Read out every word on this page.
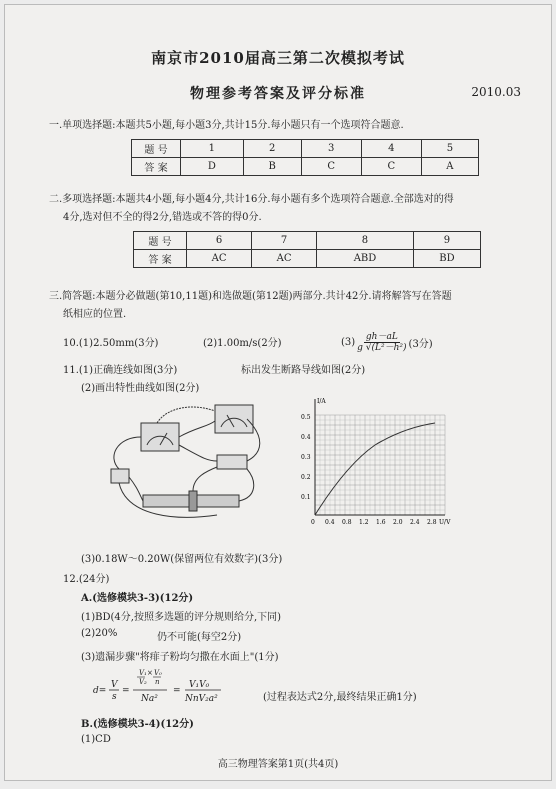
南京市2010届高三第二次模拟考试
物理参考答案及评分标准	2010.03
一.单项选择题:本题共5小题,每小题3分,共计15分.每小题只有一个选项符合题意.
题 号	1	2	3	4	5
答 案	D	B	C	C	A
二.多项选择题:本题共4小题,每小题4分,共计16分.每小题有多个选项符合题意.全部选对的得
4分,选对但不全的得2分,错选或不答的得0分.
题 号	6	7	8	9
答 案	AC	AC	ABD	BD
三.简答题:本题分必做题(第10,11题)和选做题(第12题)两部分.共计42分.请将解答写在答题
纸相应的位置.
10.(1)2.50mm(3分)	(2)1.00m/s(2分)	$(3) \frac{gh-aL}{\text{g √(L²－h²)}} (3$分)
11.(1)正确连线如图(3分)	标出发生断路导线如图(2分)
(2)画出特性曲线如图(2分)
I/A
U/V
0.5
0.4
0.3
0.2
0.1
0 0.4 0.8 1.2 1.6 2.0 2.4 2.8
(3)0.18W～0.20W(保留两位有效数字)(3分)
12.(24分)
A.(选修模块3-3)(12分)
(1)BD(4分,按照多选题的评分规则给分,下同)
(2)20%	仍不可能(每空2分)
(3)遗漏步骤"将痱子粉均匀撒在水面上"(1分)
d=
V
s
=
V₁ × V₀
V₂ n
Na²
=
V₁V₀
NnV₂a²	(过程表达式2分,最终结果正确1分)
B.(选修模块3-4)(12分)
(1)CD
高三物理答案第1页(共4页)
